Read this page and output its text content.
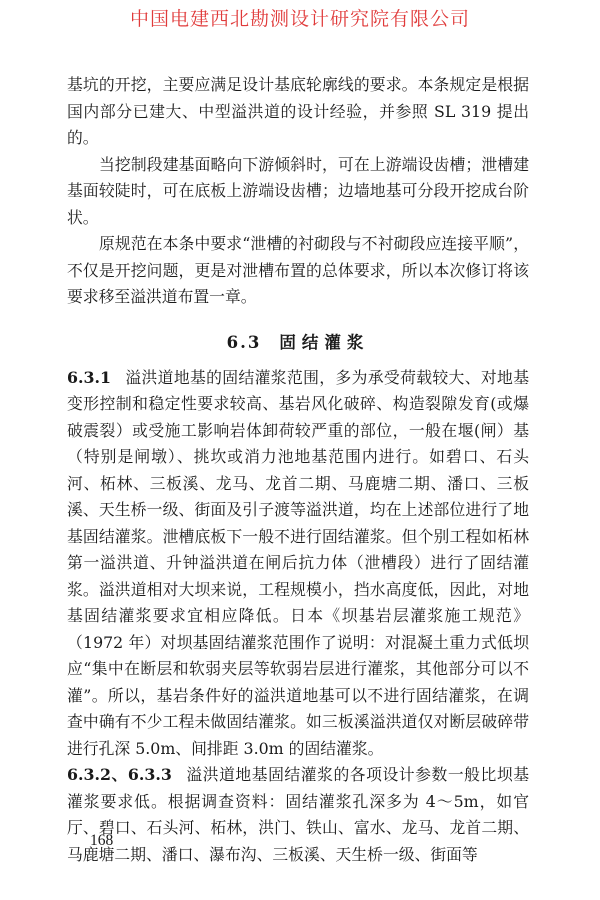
中国电建西北勘测设计研究院有限公司

基坑的开挖，主要应满足设计基底轮廓线的要求。本条规定是根据国内部分已建大、中型溢洪道的设计经验，并参照 SL 319 提出的。

当挖制段建基面略向下游倾斜时，可在上游端设齿槽；泄槽建基面较陡时，可在底板上游端设齿槽；边墙地基可分段开挖成台阶状。

原规范在本条中要求“泄槽的衬砌段与不衬砌段应连接平顺”，不仅是开挖问题，更是对泄槽布置的总体要求，所以本次修订将该要求移至溢洪道布置一章。

6.3 固结灌浆

6.3.1 溢洪道地基的固结灌浆范围，多为承受荷载较大、对地基变形控制和稳定性要求较高、基岩风化破碎、构造裂隙发育(或爆破震裂）或受施工影响岩体卸荷较严重的部位，一般在堰(闸）基（特别是闸墩）、挑坎或消力池地基范围内进行。如碧口、石头河、柘林、三板溪、龙马、龙首二期、马鹿塘二期、潘口、三板溪、天生桥一级、街面及引子渡等溢洪道，均在上述部位进行了地基固结灌浆。泄槽底板下一般不进行固结灌浆。但个别工程如柘林第一溢洪道、升钟溢洪道在闸后抗力体（泄槽段）进行了固结灌浆。溢洪道相对大坝来说，工程规模小，挡水高度低，因此，对地基固结灌浆要求宜相应降低。日本《坝基岩层灌浆施工规范》（1972 年）对坝基固结灌浆范围作了说明：对混凝土重力式低坝应“集中在断层和软弱夹层等软弱岩层进行灌浆，其他部分可以不灌”。所以，基岩条件好的溢洪道地基可以不进行固结灌浆，在调查中确有不少工程未做固结灌浆。如三板溪溢洪道仅对断层破碎带进行孔深 5.0m、间排距 3.0m 的固结灌浆。

6.3.2、6.3.3 溢洪道地基固结灌浆的各项设计参数一般比坝基灌浆要求低。根据调查资料：固结灌浆孔深多为 4～5m，如官厅、碧口、石头河、柘林，洪门、铁山、富水、龙马、龙首二期、马鹿塘二期、潘口、瀑布沟、三板溪、天生桥一级、街面等

168
